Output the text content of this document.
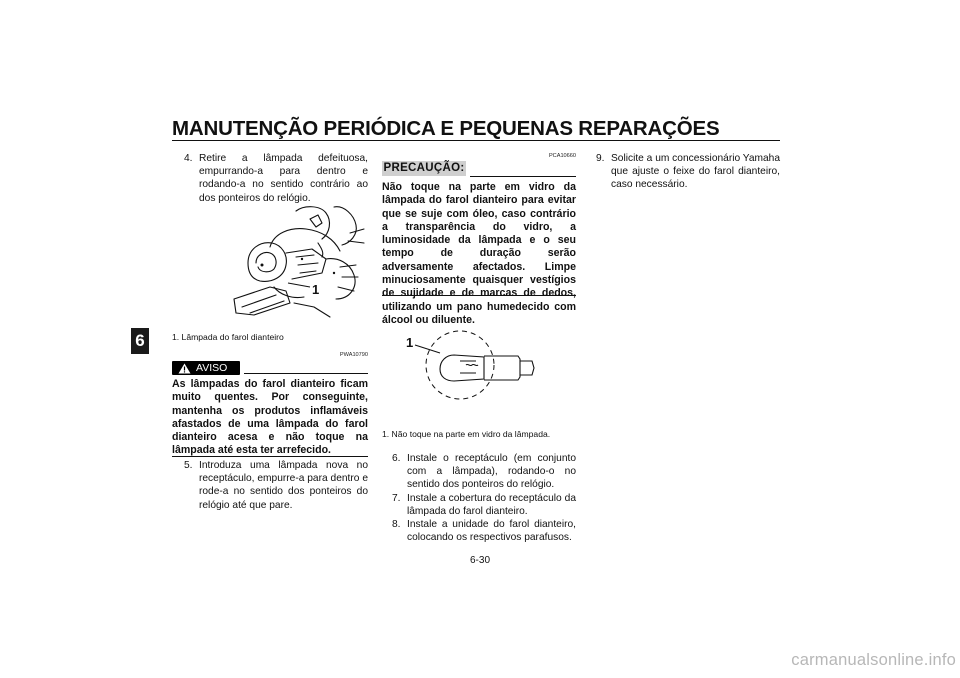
MANUTENÇÃO PERIÓDICA E PEQUENAS REPARAÇÕES
6
4. Retire a lâmpada defeituosa, empurrando-a para dentro e rodando-a no sentido contrário ao dos ponteiros do relógio.
1
1. Lâmpada do farol dianteiro
PWA10790
AVISO
As lâmpadas do farol dianteiro ficam muito quentes. Por conseguinte, mantenha os produtos inflamáveis afastados de uma lâmpada do farol dianteiro acesa e não toque na lâmpada até esta ter arrefecido.
5. Introduza uma lâmpada nova no receptáculo, empurre-a para dentro e rode-a no sentido dos ponteiros do relógio até que pare.
PCA10660
PRECAUÇÃO:
Não toque na parte em vidro da lâmpada do farol dianteiro para evitar que se suje com óleo, caso contrário a transparência do vidro, a luminosidade da lâmpada e o seu tempo de duração serão adversamente afectados. Limpe minuciosamente quaisquer vestígios de sujidade e de marcas de dedos, utilizando um pano humedecido com álcool ou diluente.
1
1. Não toque na parte em vidro da lâmpada.
6. Instale o receptáculo (em conjunto com a lâmpada), rodando-o no sentido dos ponteiros do relógio.
7. Instale a cobertura do receptáculo da lâmpada do farol dianteiro.
8. Instale a unidade do farol dianteiro, colocando os respectivos parafusos.
9. Solicite a um concessionário Yamaha que ajuste o feixe do farol dianteiro, caso necessário.
6-30
carmanualsonline.info
